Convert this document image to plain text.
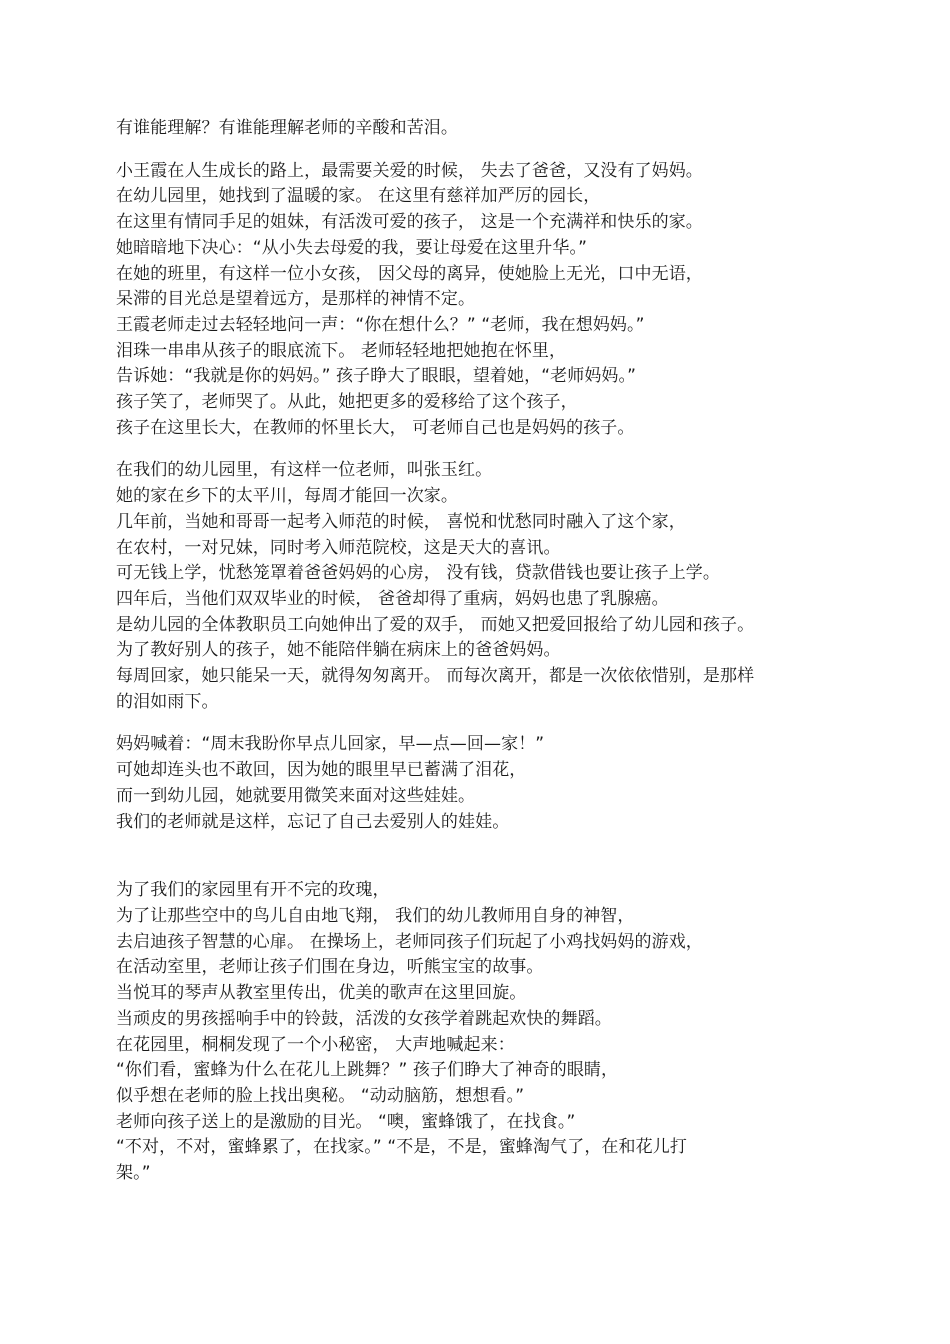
有谁能理解？有谁能理解老师的辛酸和苦泪。
小王霞在人生成长的路上，最需要关爱的时候， 失去了爸爸，又没有了妈妈。
在幼儿园里，她找到了温暖的家。 在这里有慈祥加严厉的园长，
在这里有情同手足的姐妹，有活泼可爱的孩子， 这是一个充满祥和快乐的家。
她暗暗地下决心：“从小失去母爱的我，要让母爱在这里升华。”
在她的班里，有这样一位小女孩， 因父母的离异，使她脸上无光，口中无语，
呆滞的目光总是望着远方，是那样的神情不定。
王霞老师走过去轻轻地问一声：“你在想什么？” “老师，我在想妈妈。”
泪珠一串串从孩子的眼底流下。 老师轻轻地把她抱在怀里，
告诉她：“我就是你的妈妈。” 孩子睁大了眼眼，望着她，“老师妈妈。”
孩子笑了，老师哭了。从此，她把更多的爱移给了这个孩子，
孩子在这里长大，在教师的怀里长大， 可老师自己也是妈妈的孩子。
在我们的幼儿园里，有这样一位老师，叫张玉红。
她的家在乡下的太平川，每周才能回一次家。
几年前，当她和哥哥一起考入师范的时候， 喜悦和忧愁同时融入了这个家，
在农村，一对兄妹，同时考入师范院校，这是天大的喜讯。
可无钱上学，忧愁笼罩着爸爸妈妈的心房， 没有钱，贷款借钱也要让孩子上学。
四年后，当他们双双毕业的时候， 爸爸却得了重病，妈妈也患了乳腺癌。
是幼儿园的全体教职员工向她伸出了爱的双手， 而她又把爱回报给了幼儿园和孩子。
为了教好别人的孩子，她不能陪伴躺在病床上的爸爸妈妈。
每周回家，她只能呆一天，就得匆匆离开。 而每次离开，都是一次依依惜别，是那样
的泪如雨下。
妈妈喊着：“周末我盼你早点儿回家，早—点—回—家！”
可她却连头也不敢回，因为她的眼里早已蓄满了泪花，
而一到幼儿园，她就要用微笑来面对这些娃娃。
我们的老师就是这样，忘记了自己去爱别人的娃娃。
为了我们的家园里有开不完的玫瑰，
为了让那些空中的鸟儿自由地飞翔， 我们的幼儿教师用自身的神智，
去启迪孩子智慧的心扉。 在操场上，老师同孩子们玩起了小鸡找妈妈的游戏，
在活动室里，老师让孩子们围在身边，听熊宝宝的故事。
当悦耳的琴声从教室里传出，优美的歌声在这里回旋。
当顽皮的男孩摇响手中的铃鼓，活泼的女孩学着跳起欢快的舞蹈。
在花园里，桐桐发现了一个小秘密， 大声地喊起来：
“你们看，蜜蜂为什么在花儿上跳舞？” 孩子们睁大了神奇的眼睛，
似乎想在老师的脸上找出奥秘。 “动动脑筋，想想看。”
老师向孩子送上的是激励的目光。 “噢，蜜蜂饿了，在找食。”
“不对，不对，蜜蜂累了，在找家。” “不是，不是，蜜蜂淘气了，在和花儿打
架。”
